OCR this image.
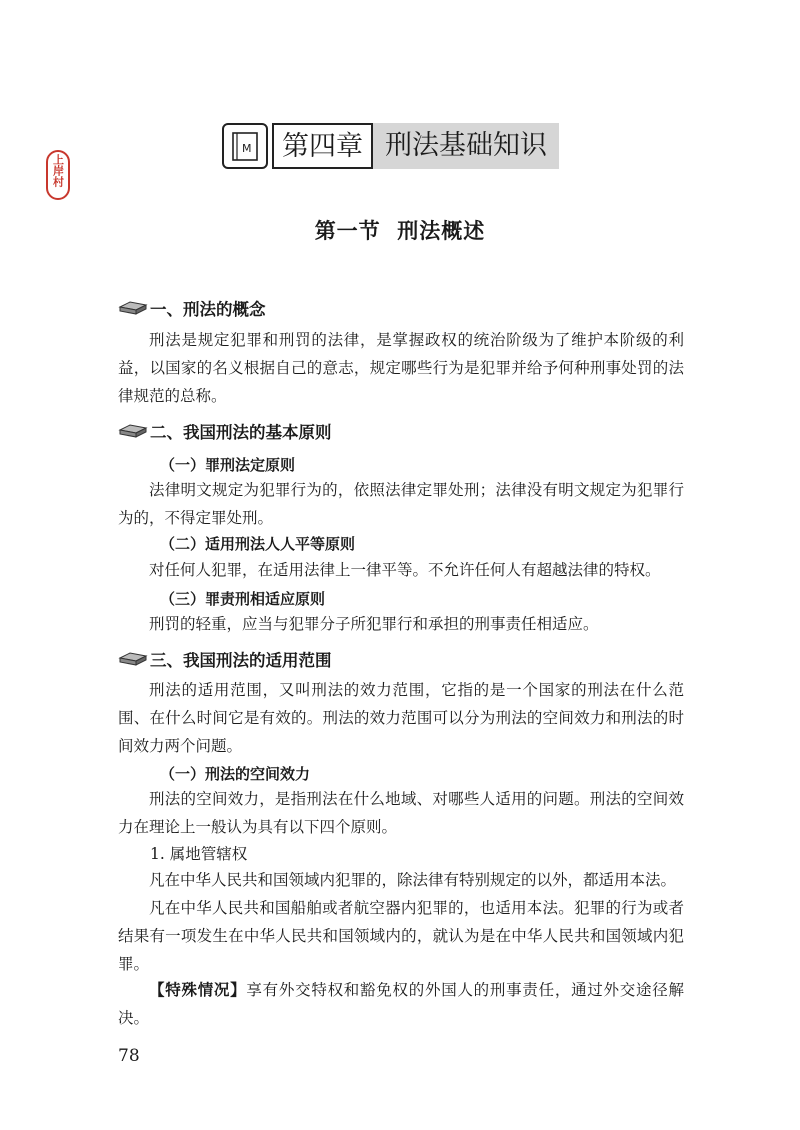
上岸村
M	第四章 刑法基础知识
第一节  刑法概述
一、刑法的概念
刑法是规定犯罪和刑罚的法律，是掌握政权的统治阶级为了维护本阶级的利益，以国家的名义根据自己的意志，规定哪些行为是犯罪并给予何种刑事处罚的法律规范的总称。
二、我国刑法的基本原则
（一）罪刑法定原则
法律明文规定为犯罪行为的，依照法律定罪处刑；法律没有明文规定为犯罪行为的，不得定罪处刑。
（二）适用刑法人人平等原则
对任何人犯罪，在适用法律上一律平等。不允许任何人有超越法律的特权。
（三）罪责刑相适应原则
刑罚的轻重，应当与犯罪分子所犯罪行和承担的刑事责任相适应。
三、我国刑法的适用范围
刑法的适用范围，又叫刑法的效力范围，它指的是一个国家的刑法在什么范围、在什么时间它是有效的。刑法的效力范围可以分为刑法的空间效力和刑法的时间效力两个问题。
（一）刑法的空间效力
刑法的空间效力，是指刑法在什么地域、对哪些人适用的问题。刑法的空间效力在理论上一般认为具有以下四个原则。
1. 属地管辖权
凡在中华人民共和国领域内犯罪的，除法律有特别规定的以外，都适用本法。
凡在中华人民共和国船舶或者航空器内犯罪的，也适用本法。犯罪的行为或者结果有一项发生在中华人民共和国领域内的，就认为是在中华人民共和国领域内犯罪。
【特殊情况】享有外交特权和豁免权的外国人的刑事责任，通过外交途径解决。
78
